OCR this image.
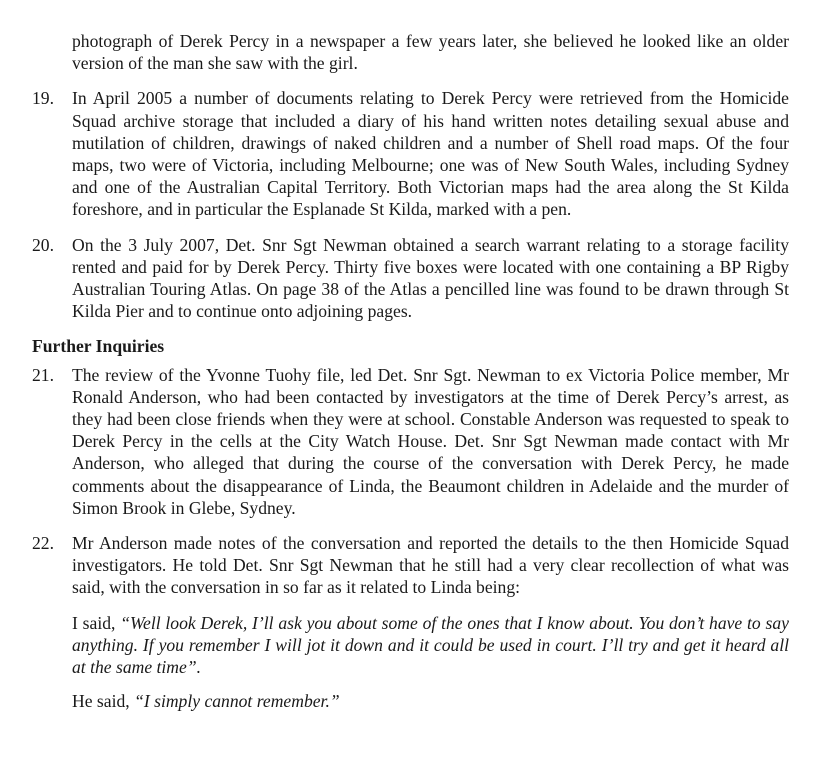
photograph of Derek Percy in a newspaper a few years later, she believed he looked like an older version of the man she saw with the girl.

19.	In April 2005 a number of documents relating to Derek Percy were retrieved from the Homicide Squad archive storage that included a diary of his hand written notes detailing sexual abuse and mutilation of children, drawings of naked children and a number of Shell road maps. Of the four maps, two were of Victoria, including Melbourne; one was of New South Wales, including Sydney and one of the Australian Capital Territory. Both Victorian maps had the area along the St Kilda foreshore, and in particular the Esplanade St Kilda, marked with a pen.
20.	On the 3 July 2007, Det. Snr Sgt Newman obtained a search warrant relating to a storage facility rented and paid for by Derek Percy. Thirty five boxes were located with one containing a BP Rigby Australian Touring Atlas. On page 38 of the Atlas a pencilled line was found to be drawn through St Kilda Pier and to continue onto adjoining pages.
Further Inquiries
21.	The review of the Yvonne Tuohy file, led Det. Snr Sgt. Newman to ex Victoria Police member, Mr Ronald Anderson, who had been contacted by investigators at the time of Derek Percy’s arrest, as they had been close friends when they were at school. Constable Anderson was requested to speak to Derek Percy in the cells at the City Watch House. Det. Snr Sgt Newman made contact with Mr Anderson, who alleged that during the course of the conversation with Derek Percy, he made comments about the disappearance of Linda, the Beaumont children in Adelaide and the murder of Simon Brook in Glebe, Sydney.
22.	Mr Anderson made notes of the conversation and reported the details to the then Homicide Squad investigators. He told Det. Snr Sgt Newman that he still had a very clear recollection of what was said, with the conversation in so far as it related to Linda being:

I said, “Well look Derek, I’ll ask you about some of the ones that I know about. You don’t have to say anything. If you remember I will jot it down and it could be used in court. I’ll try and get it heard all at the same time”.

He said, “I simply cannot remember.”
